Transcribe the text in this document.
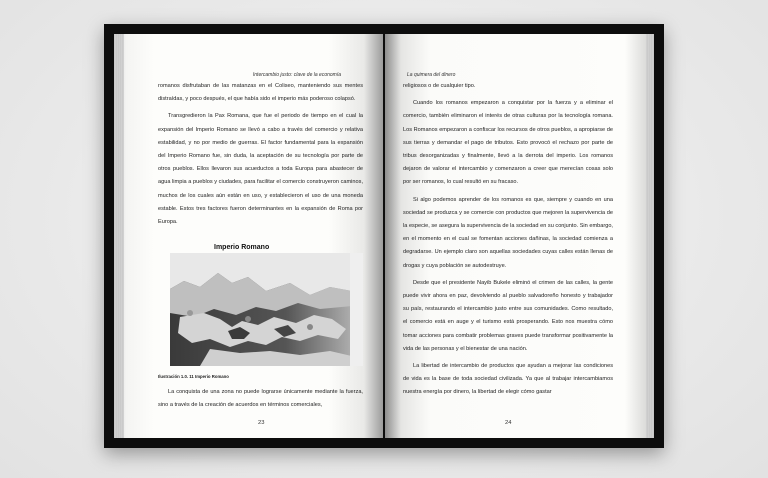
Intercambio justo: clave de la economía

romanos disfrutaban de las matanzas en el Coliseo, manteniendo sus mentes distraídas, y poco después, el que había sido el imperio más poderoso colapsó.

Transgredieron la Pax Romana, que fue el periodo de tiempo en el cual la expansión del Imperio Romano se llevó a cabo a través del comercio y relativa estabilidad, y no por medio de guerras. El factor fundamental para la expansión del Imperio Romano fue, sin duda, la aceptación de su tecnología por parte de otros pueblos. Ellos llevaron sus acueductos a toda Europa para abastecer de agua limpia a pueblos y ciudades, para facilitar el comercio construyeron caminos, muchos de los cuales aún están en uso, y establecieron el uso de una moneda estable. Estos tres factores fueron determinantes en la expansión de Roma por Europa.

Imperio Romano
Ilustración 1.0. 11 Imperio Romano

La conquista de una zona no puede lograrse únicamente mediante la fuerza, sino a través de la creación de acuerdos en términos comerciales,

23
La quimera del dinero

religiosos o de cualquier tipo.

Cuando los romanos empezaron a conquistar por la fuerza y a eliminar el comercio, también eliminaron el interés de otras culturas por la tecnología romana. Los Romanos empezaron a confiscar los recursos de otros pueblos, a apropiarse de sus tierras y demandar el pago de tributos. Esto provocó el rechazo por parte de tribus desorganizadas y finalmente, llevó a la derrota del imperio. Los romanos dejaron de valorar el intercambio y comenzaron a creer que merecían cosas solo por ser romanos, lo cual resultó en su fracaso.

Si algo podemos aprender de los romanos es que, siempre y cuando en una sociedad se produzca y se comercie con productos que mejoren la supervivencia de la especie, se asegura la supervivencia de la sociedad en su conjunto. Sin embargo, en el momento en el cual se fomentan acciones dañinas, la sociedad comienza a degradarse. Un ejemplo claro son aquellas sociedades cuyas calles están llenas de drogas y cuya población se autodestruye.

Desde que el presidente Nayib Bukele eliminó el crimen de las calles, la gente puede vivir ahora en paz, devolviendo al pueblo salvadoreño honesto y trabajador su país, restaurando el intercambio justo entre sus comunidades. Como resultado, el comercio está en auge y el turismo está prosperando. Esto nos muestra cómo tomar acciones para combatir problemas graves puede transformar positivamente la vida de las personas y el bienestar de una nación.

La libertad de intercambio de productos que ayudan a mejorar las condiciones de vida es la base de toda sociedad civilizada. Ya que al trabajar intercambiamos nuestra energía por dinero, la libertad de elegir cómo gastar

24
